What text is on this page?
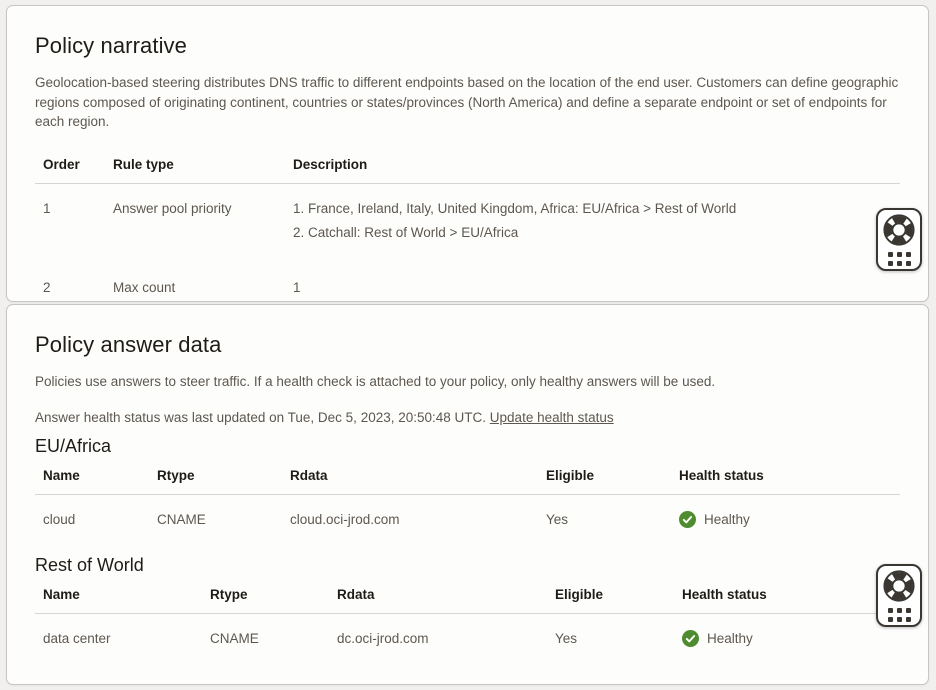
Policy narrative

Geolocation-based steering distributes DNS traffic to different endpoints based on the location of the end user. Customers can define geographic regions composed of originating continent, countries or states/provinces (North America) and define a separate endpoint or set of endpoints for each region.

Order	Rule type	Description
1	Answer pool priority	1. France, Ireland, Italy, United Kingdom, Africa: EU/Africa > Rest of World
2. Catchall: Rest of World > EU/Africa

2	Max count	1
Policy answer data

Policies use answers to steer traffic. If a health check is attached to your policy, only healthy answers will be used.

Answer health status was last updated on Tue, Dec 5, 2023, 20:50:48 UTC. Update health status

EU/Africa
Name	Rtype	Rdata	Eligible	Health status
cloud	CNAME	cloud.oci-jrod.com	Yes	Healthy
Rest of World
Name	Rtype	Rdata	Eligible	Health status
data center	CNAME	dc.oci-jrod.com	Yes	Healthy
